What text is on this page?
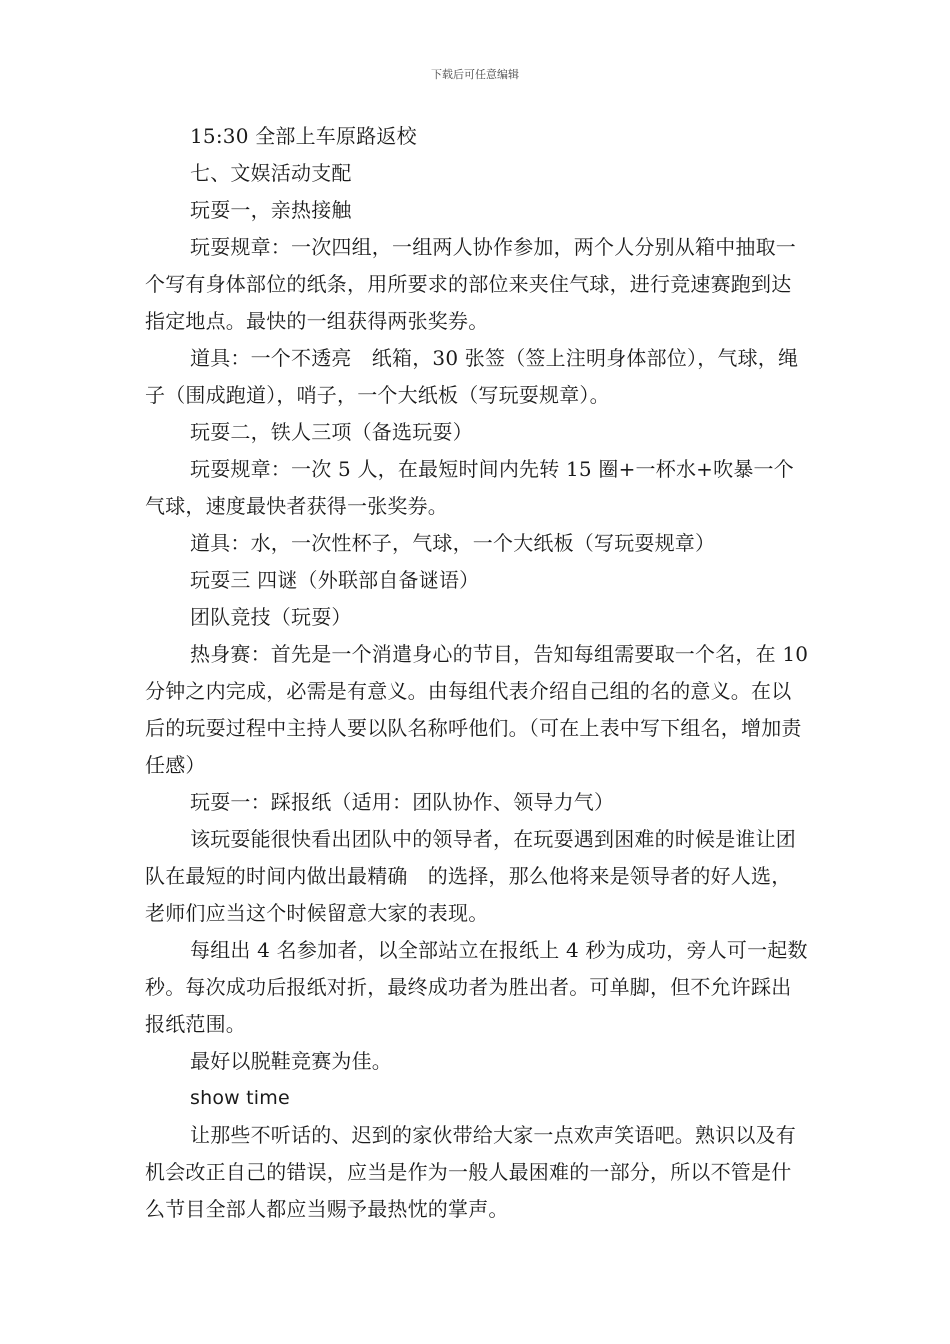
下载后可任意编辑

15:30 全部上车原路返校

七、文娱活动支配

玩耍一，亲热接触

玩耍规章：一次四组，一组两人协作参加，两个人分别从箱中抽取一个写有身体部位的纸条，用所要求的部位来夹住气球，进行竞速赛跑到达指定地点。最快的一组获得两张奖券。

道具：一个不透亮　纸箱，30 张签（签上注明身体部位），气球，绳子（围成跑道），哨子，一个大纸板（写玩耍规章）。

玩耍二，铁人三项（备选玩耍）

玩耍规章：一次 5 人，在最短时间内先转 15 圈+一杯水+吹暴一个气球，速度最快者获得一张奖券。

道具：水，一次性杯子，气球，一个大纸板（写玩耍规章）

玩耍三 四谜（外联部自备谜语）

团队竞技（玩耍）

热身赛：首先是一个消遣身心的节目，告知每组需要取一个名，在 10 分钟之内完成，必需是有意义。由每组代表介绍自己组的名的意义。在以后的玩耍过程中主持人要以队名称呼他们。（可在上表中写下组名，增加责任感）

玩耍一：踩报纸（适用：团队协作、领导力气）

该玩耍能很快看出团队中的领导者，在玩耍遇到困难的时候是谁让团队在最短的时间内做出最精确　的选择，那么他将来是领导者的好人选，老师们应当这个时候留意大家的表现。

每组出 4 名参加者，以全部站立在报纸上 4 秒为成功，旁人可一起数秒。每次成功后报纸对折，最终成功者为胜出者。可单脚，但不允许踩出报纸范围。

最好以脱鞋竞赛为佳。

show time

让那些不听话的、迟到的家伙带给大家一点欢声笑语吧。熟识以及有机会改正自己的错误，应当是作为一般人最困难的一部分，所以不管是什么节目全部人都应当赐予最热忱的掌声。
